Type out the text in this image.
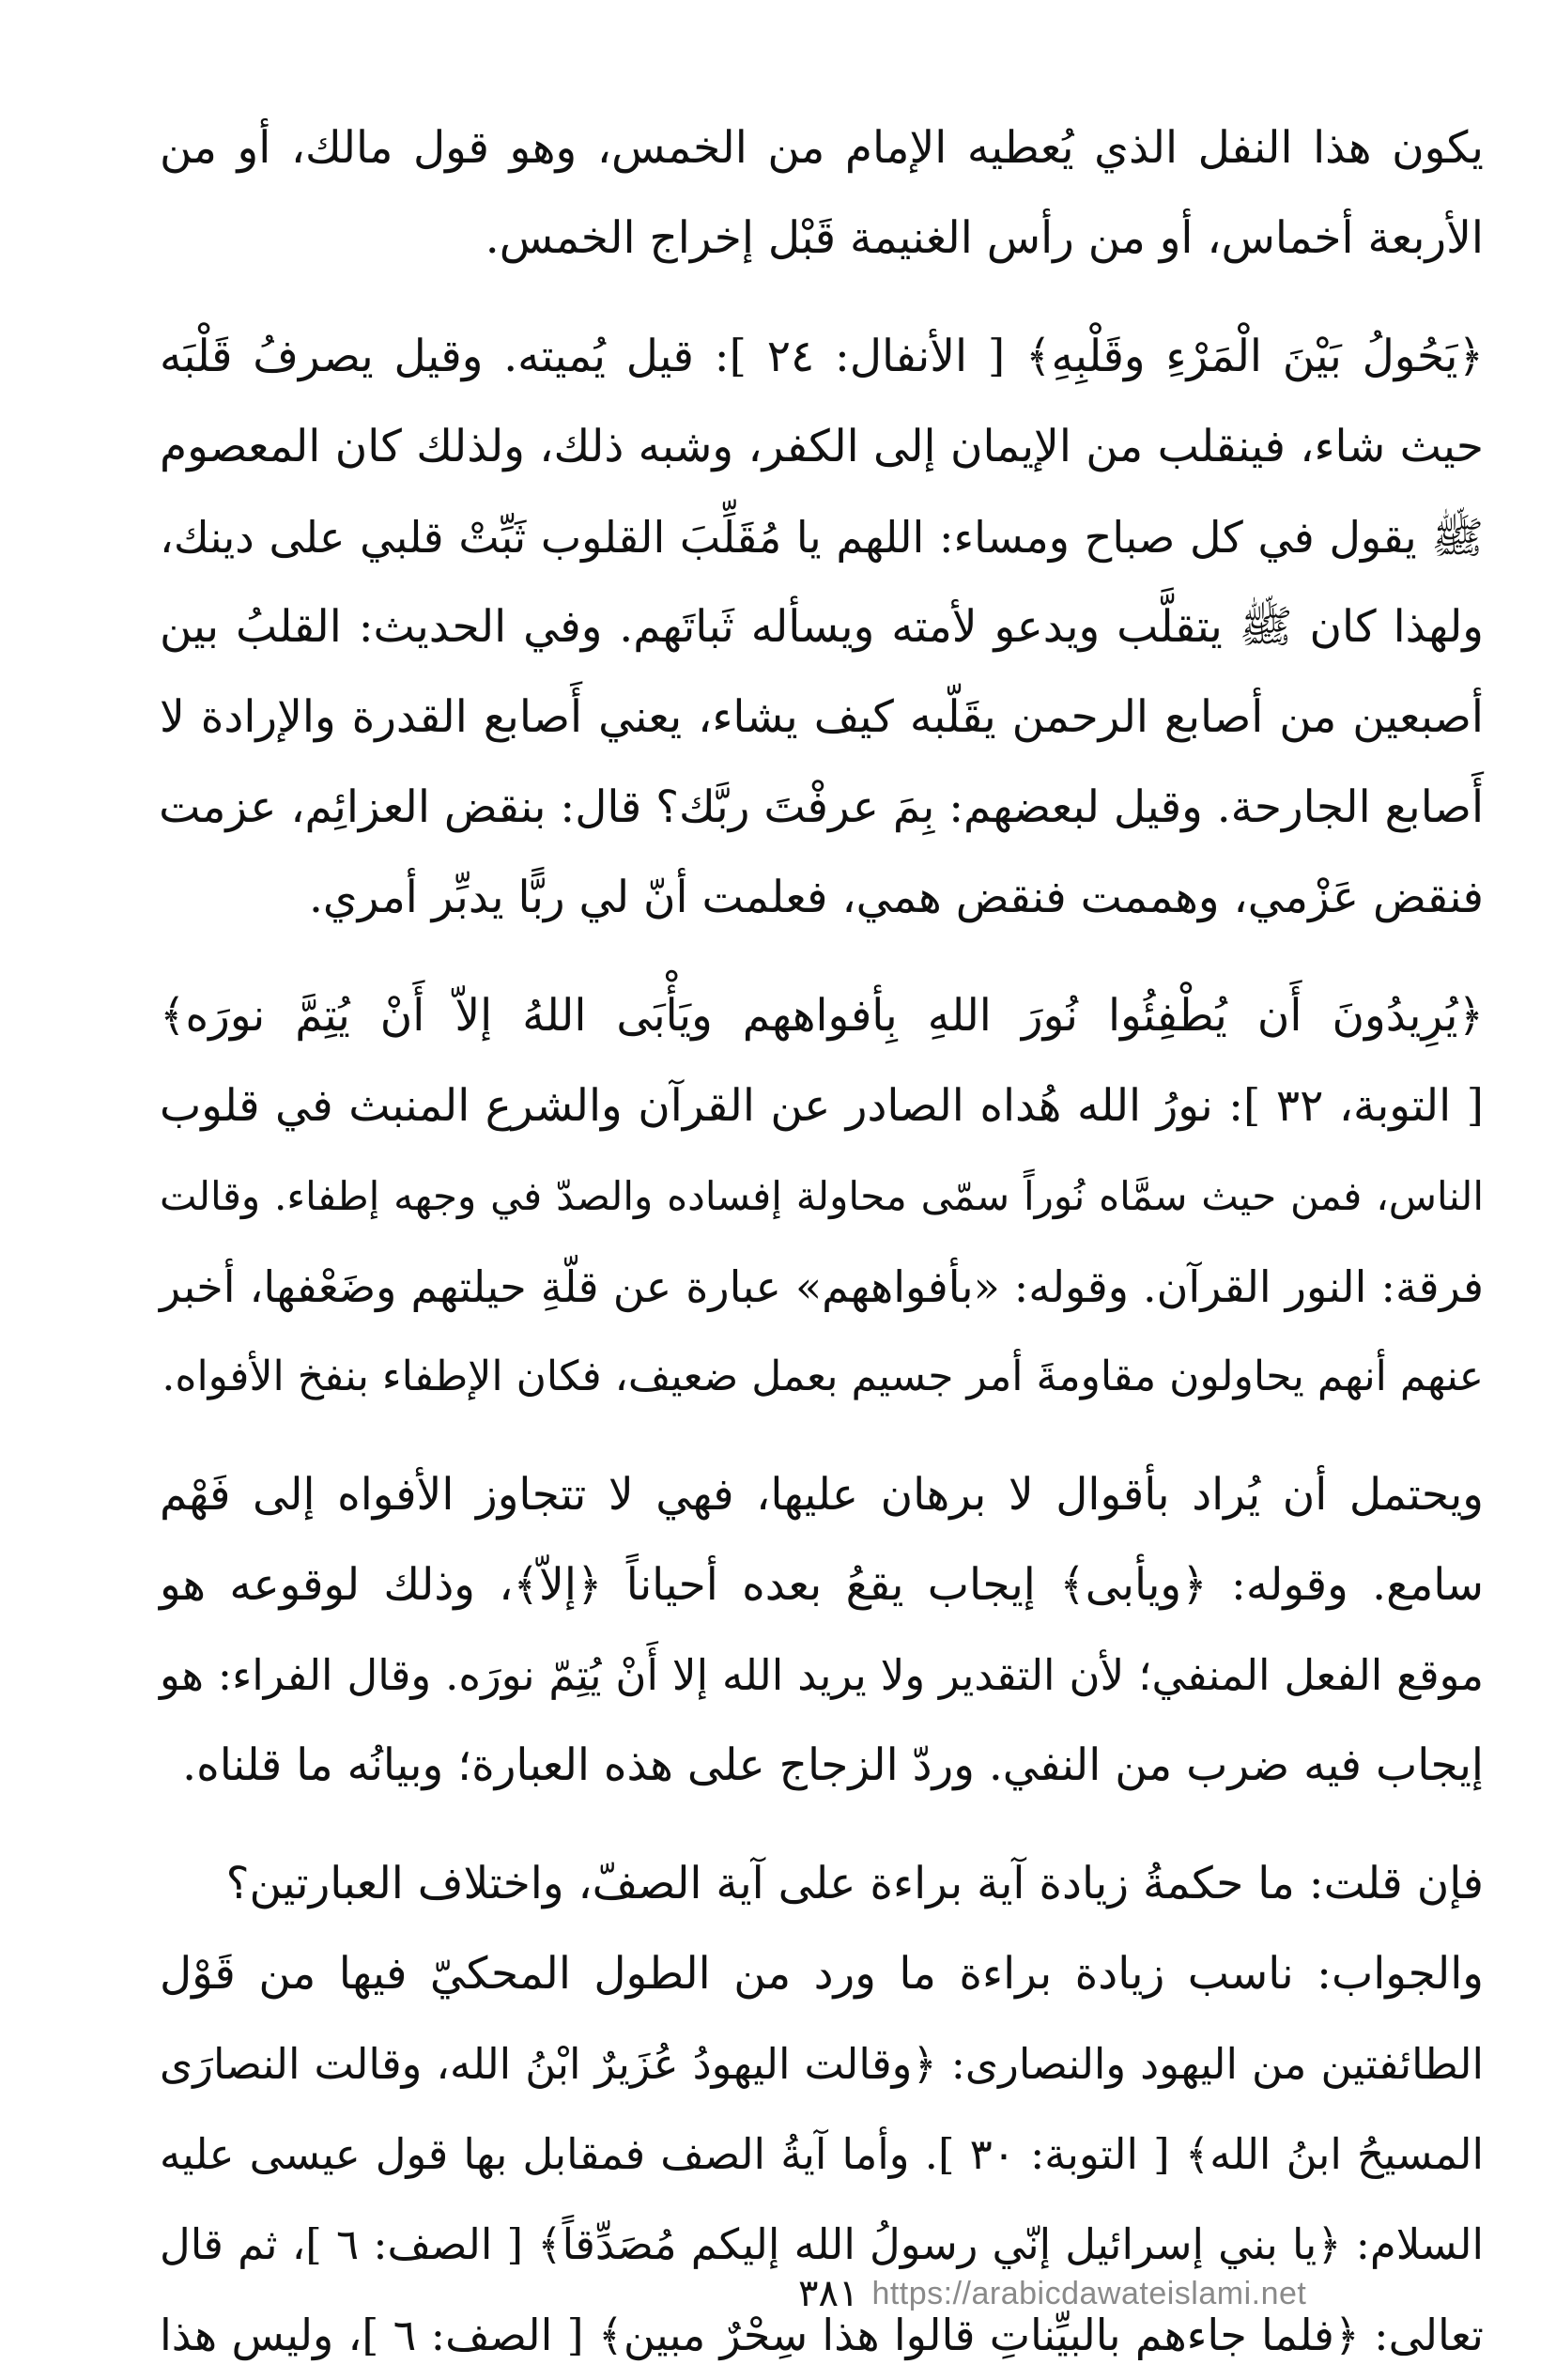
يكون هذا النفل الذي يُعطيه الإمام من الخمس، وهو قول مالك، أو من
الأربعة أخماس، أو من رأس الغنيمة قَبْل إخراج الخمس.
﴿يَحُولُ بَيْنَ الْمَرْءِ وقَلْبِهِ﴾ [ الأنفال: ٢٤ ]: قيل يُميته. وقيل يصرفُ قَلْبَه
حيث شاء، فينقلب من الإيمان إلى الكفر، وشبه ذلك، ولذلك كان المعصوم
ﷺ يقول في كل صباح ومساء: اللهم يا مُقَلِّبَ القلوب ثَبِّتْ قلبي على دينك،
ولهذا كان ﷺ يتقلَّب ويدعو لأمته ويسأله ثَباتَهم. وفي الحديث: القلبُ بين
أصبعين من أصابع الرحمن يقَلّبه كيف يشاء، يعني أَصابع القدرة والإرادة لا
أَصابع الجارحة. وقيل لبعضهم: بِمَ عرفْتَ ربَّك؟ قال: بنقض العزائِم، عزمت
فنقض عَزْمي، وهممت فنقض همي، فعلمت أنّ لي ربًّا يدبِّر أمري.
﴿يُرِيدُونَ أَن يُطْفِئُوا نُورَ اللهِ بِأفواههم ويَأْبَى اللهُ إلاّ أَنْ يُتِمَّ نورَه﴾
[ التوبة، ٣٢ ]: نورُ الله هُداه الصادر عن القرآن والشرع المنبث في قلوب
الناس، فمن حيث سمَّاه نُوراً سمّى محاولة إفساده والصدّ في وجهه إطفاء. وقالت
فرقة: النور القرآن. وقوله: «بأفواههم» عبارة عن قلّةِ حيلتهم وضَعْفها، أخبر
عنهم أنهم يحاولون مقاومةَ أمر جسيم بعمل ضعيف، فكان الإطفاء بنفخ الأفواه.
ويحتمل أن يُراد بأقوال لا برهان عليها، فهي لا تتجاوز الأفواه إلى فَهْم
سامع. وقوله: ﴿ويأبى﴾ إيجاب يقعُ بعده أحياناً ﴿إلاّ﴾، وذلك لوقوعه هو
موقع الفعل المنفي؛ لأن التقدير ولا يريد الله إلا أَنْ يُتِمّ نورَه. وقال الفراء: هو
إيجاب فيه ضرب من النفي. وردّ الزجاج على هذه العبارة؛ وبيانُه ما قلناه.
فإن قلت: ما حكمةُ زيادة آية براءة على آية الصفّ، واختلاف العبارتين؟
والجواب: ناسب زيادة براءة ما ورد من الطول المحكيّ فيها من قَوْل
الطائفتين من اليهود والنصارى: ﴿وقالت اليهودُ عُزَيرٌ ابْنُ الله، وقالت النصارَى
المسيحُ ابنُ الله﴾ [ التوبة: ٣٠ ]. وأما آيةُ الصف فمقابل بها قول عيسى عليه
السلام: ﴿يا بني إسرائيل إنّي رسولُ الله إليكم مُصَدِّقاً﴾ [ الصف: ٦ ]، ثم قال
تعالى: ﴿فلما جاءهم بالبيِّناتِ قالوا هذا سِحْرٌ مبين﴾ [ الصف: ٦ ]، وليس هذا
٣٨١ https://arabicdawateislami.net
